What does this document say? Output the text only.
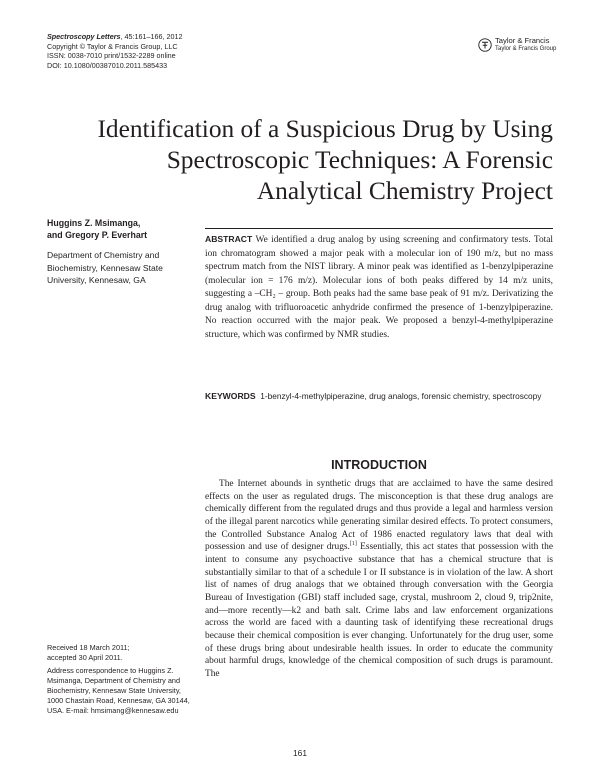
Spectroscopy Letters, 45:161–166, 2012
Copyright © Taylor & Francis Group, LLC
ISSN: 0038-7010 print/1532-2289 online
DOI: 10.1080/00387010.2011.585433
Taylor & Francis
Taylor & Francis Group
Identification of a Suspicious Drug by Using Spectroscopic Techniques: A Forensic Analytical Chemistry Project
Huggins Z. Msimanga,
and Gregory P. Everhart
Department of Chemistry and Biochemistry, Kennesaw State University, Kennesaw, GA

ABSTRACT We identified a drug analog by using screening and confirmatory tests. Total ion chromatogram showed a major peak with a molecular ion of 190 m/z, but no mass spectrum match from the NIST library. A minor peak was identified as 1-benzylpiperazine (molecular ion = 176 m/z). Molecular ions of both peaks differed by 14 m/z units, suggesting a –CH₂ – group. Both peaks had the same base peak of 91 m/z. Derivatizing the drug analog with trifluoroacetic anhydride confirmed the presence of 1-benzylpiperazine. No reaction occurred with the major peak. We proposed a benzyl-4-methylpiperazine structure, which was confirmed by NMR studies.

KEYWORDS 1-benzyl-4-methylpiperazine, drug analogs, forensic chemistry, spectroscopy

INTRODUCTION

The Internet abounds in synthetic drugs that are acclaimed to have the same desired effects on the user as regulated drugs. The misconception is that these drug analogs are chemically different from the regulated drugs and thus provide a legal and harmless version of the illegal parent narcotics while generating similar desired effects. To protect consumers, the Controlled Substance Analog Act of 1986 enacted regulatory laws that deal with possession and use of designer drugs.[1] Essentially, this act states that possession with the intent to consume any psychoactive substance that has a chemical structure that is substantially similar to that of a schedule I or II substance is in violation of the law. A short list of names of drug analogs that we obtained through conversation with the Georgia Bureau of Investigation (GBI) staff included sage, crystal, mushroom 2, cloud 9, trip2nite, and—more recently—k2 and bath salt. Crime labs and law enforcement organizations across the world are faced with a daunting task of identifying these recreational drugs because their chemical composition is ever changing. Unfortunately for the drug user, some of these drugs bring about undesirable health issues. In order to educate the community about harmful drugs, knowledge of the chemical composition of such drugs is paramount. The

Received 18 March 2011;
accepted 30 April 2011.
Address correspondence to Huggins Z. Msimanga, Department of Chemistry and Biochemistry, Kennesaw State University, 1000 Chastain Road, Kennesaw, GA 30144, USA. E-mail: hmsimang@kennesaw.edu
161
